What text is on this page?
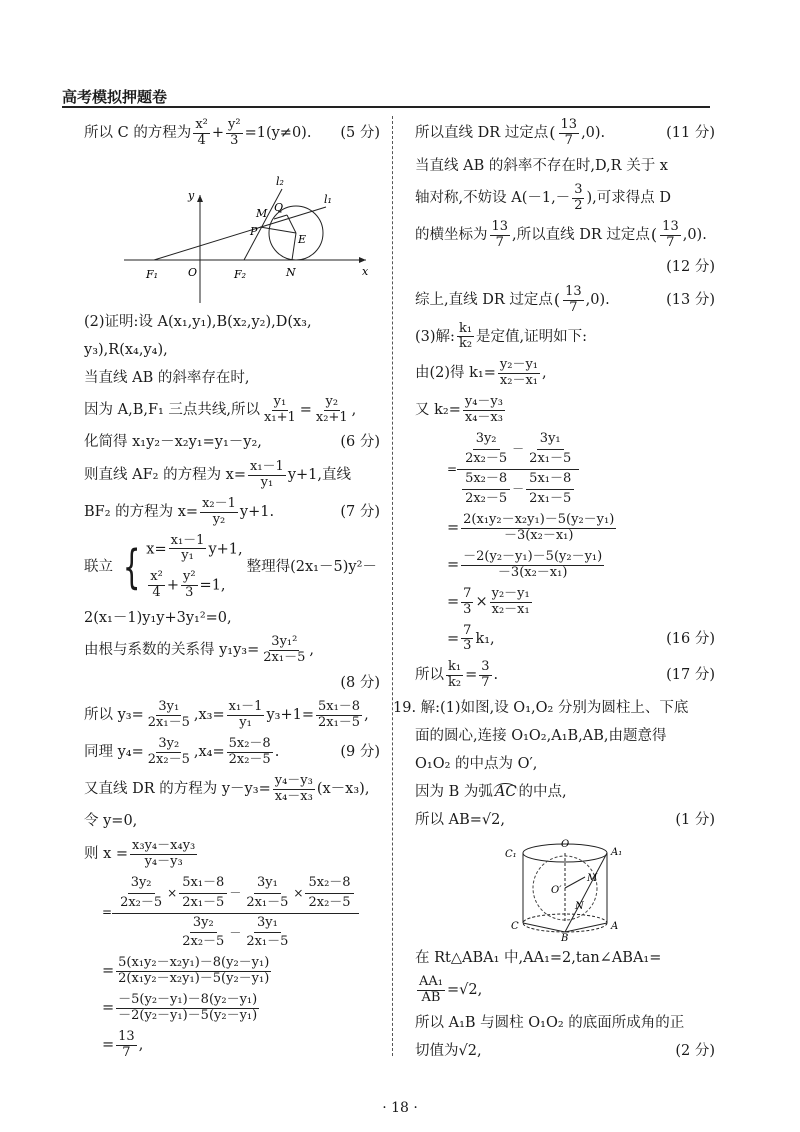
高考模拟押题卷
所以 C 的方程为
x²
$4 + \frac{\text{y²}}{3} =1(y\ne 0)$.	(5 分)
F₁	O	F₂	N	x
y	l₁
l₂
M Q
P
E
(2)证明:设 A(x₁,y₁),B(x₂,y₂),D(x₃,
y₃),R(x₄,y₄),
当直线 AB 的斜率存在时,
因为 A,B,F₁ 三点共线,所以 $\frac{\text{y₁}}{\text{x₁+1}} = \frac{\text{y₂}}{\text{x₂+1}}$ ,
化简得 x₁y₂－x₂y₁=y₁－y₂,	(6 分)
则直线 AF₂ 的方程为 $x= \frac{\text{x₁－1}}{\text{y₁}} y+1$,直线
BF₂ 的方程为 $x= \frac{\text{x₂－1}}{\text{y₂}} y+1$.	(7 分)
联立 { $x= \frac{\text{x₁－1}}{\text{y₁}} y+1$,
$\frac{\text{x²}}{4} + \frac{\text{y²}}{3} =1$,
整理得(2x₁－5)y²－
2(x₁－1)y₁y+3y₁²=0,
由根与系数的关系得 $y_1y_3= \frac{\text{3y₁²}}{\text{2x₁－5}}$ ,
(8 分)
所以 $y_3= \frac{\text{3y₁}}{\text{2x₁－5}} ,x_3= \frac{\text{x₁－1}}{\text{y₁}} y_3+1= \frac{\text{5x₁－8}}{\text{2x₁－5}}$ ,
同理 $y_4= \frac{\text{3y₂}}{\text{2x₂－5}} ,x_4= \frac{\text{5x₂－8}}{\text{2x₂－5}}$ .	(9 分)
又直线 DR 的方程为 $y-y_3= \frac{\text{y₄－y₃}}{\text{x₄－x₃}} (x-x_3)$,
令 y=0,
则 $x = \frac{\text{x₃y₄－x₄y₃}}{\text{y₄－y₃}}$
= $\frac{\frac{\text{3y₂}}{\text{2x₂－5}} \times \frac{\text{5x₁－8}}{\text{2x₁－5}} - \frac{\text{3y₁}}{\text{2x₁－5}} \times \frac{\text{5x₂－8}}{\text{2x₂－5}}}{\frac{\text{3y₂}}{\text{2x₂－5}} - \frac{\text{3y₁}}{\text{2x₁－5}}}$
= $\frac{\text{5(x₁y₂－x₂y₁)－8(y₂－y₁)}}{\text{2(x₁y₂－x₂y₁)－5(y₂－y₁)}}$
= $\frac{\text{－5(y₂－y₁)－8(y₂－y₁)}}{\text{－2(y₂－y₁)－5(y₂－y₁)}}$
= $\frac{13}{7}$ ,
所以直线 DR 过定点 ( 13
7 ,0).	(11 分)
当直线 AB 的斜率不存在时,D,R 关于 x
轴对称,不妨设 A(－1,－
3
2 ),可求得点 D
的横坐标为
13
7 ,所以直线 DR 过定点 ( 13
7 ,0).
(12 分)
综上,直线 DR 过定点 ( 13
7 ,0).	(13 分)
(3)解:
k₁
k₂ 是定值,证明如下:
由(2)得 $k_1= \frac{\text{y₂－y₁}}{\text{x₂－x₁}}$ ,
又 $k_2= \frac{\text{y₄－y₃}}{\text{x₄－x₃}}$
= $\frac{\frac{\text{3y₂}}{\text{2x₂－5}} - \frac{\text{3y₁}}{\text{2x₁－5}}}{\frac{\text{5x₂－8}}{\text{2x₂－5}} - \frac{\text{5x₁－8}}{\text{2x₁－5}}}$
= $\frac{\text{2(x₁y₂－x₂y₁)－5(y₂－y₁)}}{\text{－3(x₂－x₁)}}$
= $\frac{\text{－2(y₂－y₁)－5(y₂－y₁)}}{\text{－3(x₂－x₁)}}$
= $\frac{7}{3} \times \frac{\text{y₂－y₁}}{\text{x₂－x₁}}$
= $\frac{7}{3} k_1$,	(16 分)
所以 $\frac{\text{k₁}}{\text{k₂}} = \frac{3}{7}$ .	(17 分)
19. 解:(1)如图,设 O₁,O₂ 分别为圆柱上、下底
面的圆心,连接 O₁O₂,A₁B,AB,由题意得
O₁O₂ 的中点为 O′,
因为 B 为弧 AC 的中点,
所以 AB=√2,	(1 分)
C₁
O
A₁
M
O′
N
C	A
B
在 Rt△ABA₁ 中,AA₁=2,tan∠ABA₁=
$\frac{\text{AA₁}}{AB} =√2$,
所以 A₁B 与圆柱 O₁O₂ 的底面所成角的正
切值为√2,	(2 分)
· 18 ·
